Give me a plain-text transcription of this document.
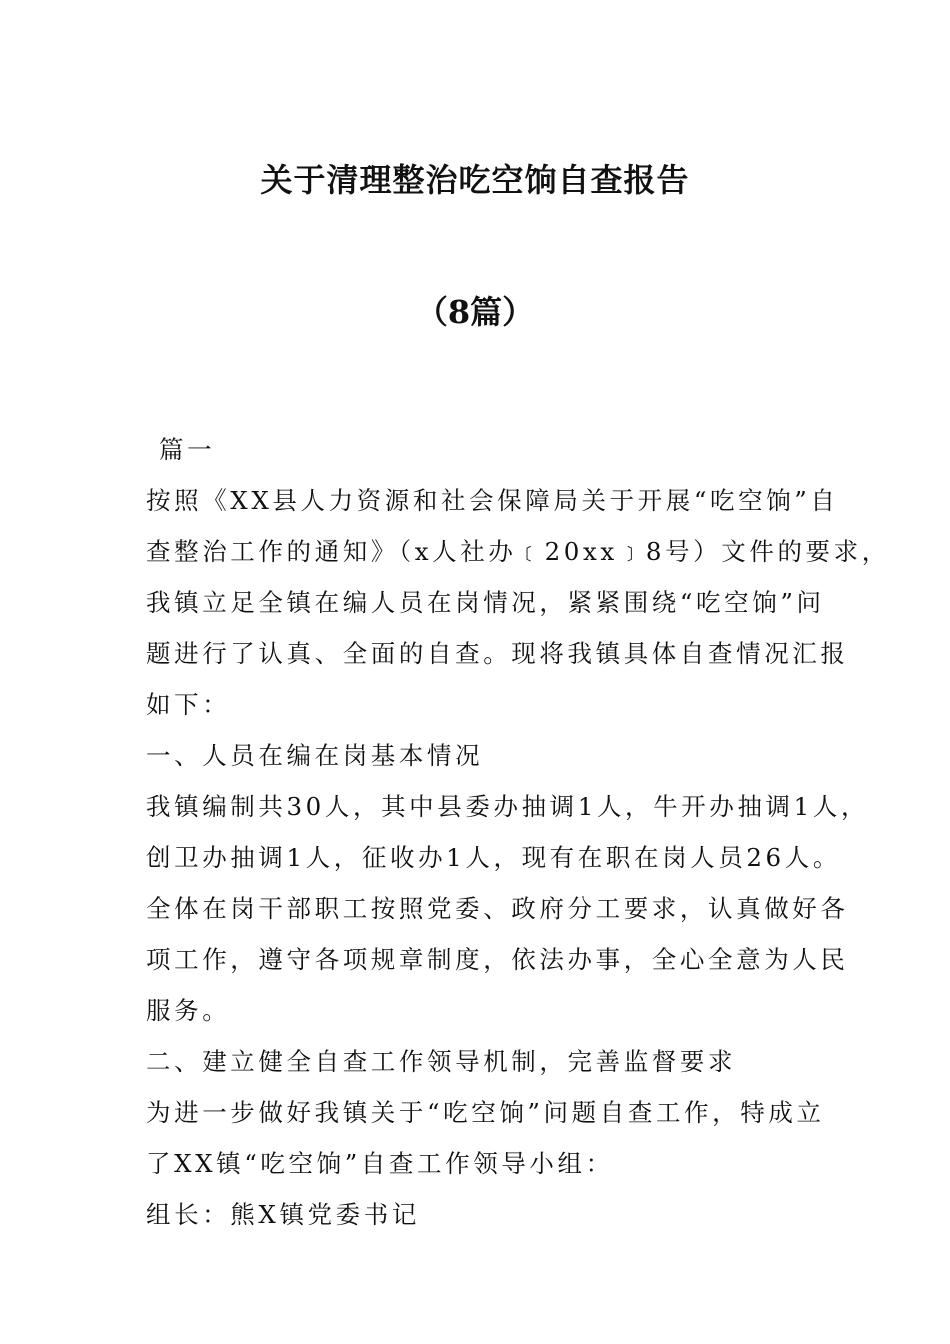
关于清理整治吃空饷自查报告
（8篇）
篇一
按照《XX县人力资源和社会保障局关于开展“吃空饷”自
查整治工作的通知》（x人社办﹝20xx﹞8号）文件的要求，
我镇立足全镇在编人员在岗情况，紧紧围绕“吃空饷”问
题进行了认真、全面的自查。现将我镇具体自查情况汇报
如下：
一、人员在编在岗基本情况
我镇编制共30人，其中县委办抽调1人，牛开办抽调1人，
创卫办抽调1人，征收办1人，现有在职在岗人员26人。
全体在岗干部职工按照党委、政府分工要求，认真做好各
项工作，遵守各项规章制度，依法办事，全心全意为人民
服务。
二、建立健全自查工作领导机制，完善监督要求
为进一步做好我镇关于“吃空饷”问题自查工作，特成立
了XX镇“吃空饷”自查工作领导小组：
组长：熊X镇党委书记
